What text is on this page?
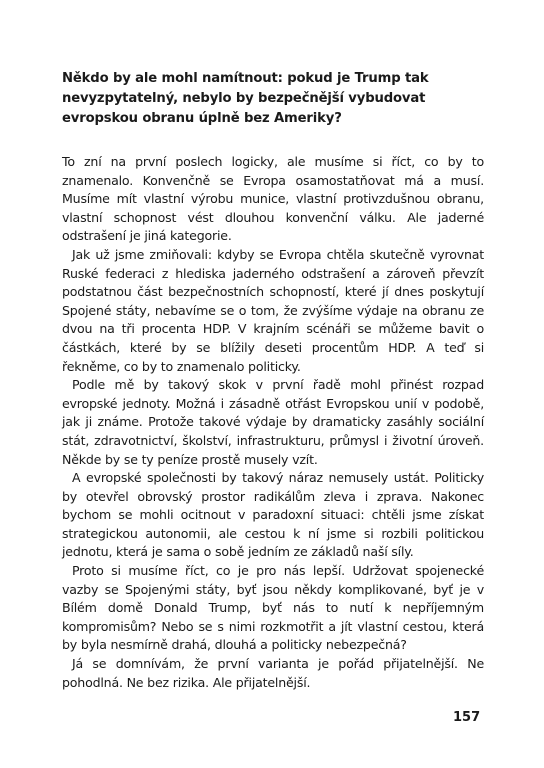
Někdo by ale mohl namítnout: pokud je Trump tak nevyzpytatelný, nebylo by bezpečnější vybudovat evropskou obranu úplně bez Ameriky?

To zní na první poslech logicky, ale musíme si říct, co by to znamenalo. Konvenčně se Evropa osamostatňovat má a musí. Musíme mít vlastní výrobu munice, vlastní protivzdušnou obranu, vlastní schopnost vést dlouhou konvenční válku. Ale jaderné odstrašení je jiná kategorie.

Jak už jsme zmiňovali: kdyby se Evropa chtěla skutečně vyrovnat Ruské federaci z hlediska jaderného odstrašení a zároveň převzít podstatnou část bezpečnostních schopností, které jí dnes poskytují Spojené státy, nebavíme se o tom, že zvýšíme výdaje na obranu ze dvou na tři procenta HDP. V krajním scénáři se můžeme bavit o částkách, které by se blížily deseti procentům HDP. A teď si řekněme, co by to znamenalo politicky.

Podle mě by takový skok v první řadě mohl přinést rozpad evropské jednoty. Možná i zásadně otřást Evropskou unií v podobě, jak ji známe. Protože takové výdaje by dramaticky zasáhly sociální stát, zdravotnictví, školství, infrastrukturu, průmysl i životní úroveň. Někde by se ty peníze prostě musely vzít.

A evropské společnosti by takový náraz nemusely ustát. Politicky by otevřel obrovský prostor radikálům zleva i zprava. Nakonec bychom se mohli ocitnout v paradoxní situaci: chtěli jsme získat strategickou autonomii, ale cestou k ní jsme si rozbili politickou jednotu, která je sama o sobě jedním ze základů naší síly.

Proto si musíme říct, co je pro nás lepší. Udržovat spojenecké vazby se Spojenými státy, byť jsou někdy komplikované, byť je v Bílém domě Donald Trump, byť nás to nutí k nepříjemným kompromisům? Nebo se s nimi rozkmotřit a jít vlastní cestou, která by byla nesmírně drahá, dlouhá a politicky nebezpečná?

Já se domnívám, že první varianta je pořád přijatelnější. Ne pohodlná. Ne bez rizika. Ale přijatelnější.

157
